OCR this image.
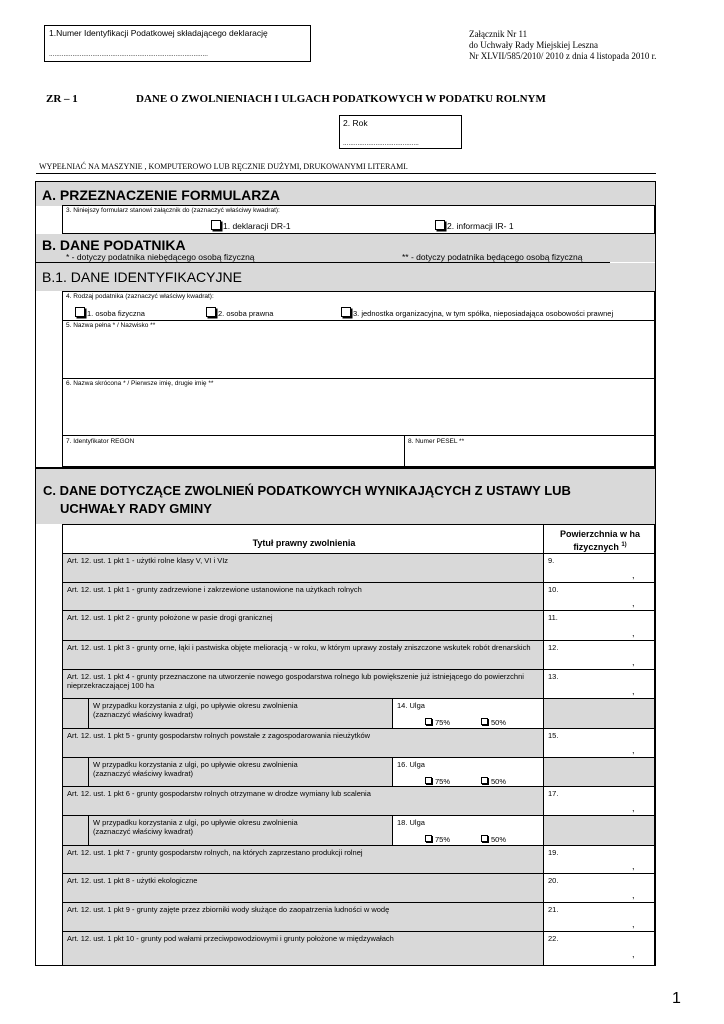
1.Numer Identyfikacji Podatkowej składającego deklarację
........................................................................................
Załącznik Nr 11
do Uchwały Rady Miejskiej Leszna
Nr XLVII/585/2010/ 2010 z dnia 4 listopada 2010 r.
ZR – 1	DANE O ZWOLNIENIACH I ULGACH PODATKOWYCH W PODATKU ROLNYM
2. Rok
..........................................
WYPEŁNIAĆ NA MASZYNIE , KOMPUTEROWO LUB RĘCZNIE DUŻYMI, DRUKOWANYMI LITERAMI.
A. PRZEZNACZENIE FORMULARZA
3. Niniejszy formularz stanowi załącznik do (zaznaczyć właściwy kwadrat):
1. deklaracji DR-1	2. informacji IR- 1
B. DANE PODATNIKA
* - dotyczy podatnika niebędącego osobą fizyczną	** - dotyczy podatnika będącego osobą fizyczną
B.1. DANE IDENTYFIKACYJNE
4. Rodzaj podatnika (zaznaczyć właściwy kwadrat):
1. osoba fizyczna	2. osoba prawna	3. jednostka organizacyjna, w tym spółka, nieposiadająca osobowości prawnej
5. Nazwa pełna * / Nazwisko **
6. Nazwa skrócona * / Pierwsze imię, drugie imię **
7. Identyfikator REGON	8. Numer PESEL **
C. DANE DOTYCZĄCE ZWOLNIEŃ PODATKOWYCH WYNIKAJĄCYCH Z USTAWY LUB
UCHWAŁY RADY GMINY
Tytuł prawny zwolnienia
Powierzchnia w ha
fizycznych $^{1)}$
Art. 12. ust. 1 pkt 1 - użytki rolne klasy V, VI i VIz	9.
,
Art. 12. ust. 1 pkt 1 - grunty zadrzewione i zakrzewione ustanowione na użytkach rolnych	10.
,
Art. 12. ust. 1 pkt 2 - grunty położone w pasie drogi granicznej	11.
,
Art. 12. ust. 1 pkt 3 - grunty orne, łąki i pastwiska objęte melioracją - w roku, w którym uprawy zostały zniszczone wskutek robót drenarskich	12.
,
Art. 12. ust. 1 pkt 4 - grunty przeznaczone na utworzenie nowego gospodarstwa rolnego lub powiększenie już istniejącego do powierzchni nieprzekraczającej 100 ha
13.
,
W przypadku korzystania z ulgi, po upływie okresu zwolnienia
(zaznaczyć właściwy kwadrat)
14. Ulga
75%	50%
Art. 12. ust. 1 pkt 5 - grunty gospodarstw rolnych powstałe z zagospodarowania nieużytków	15.
,
W przypadku korzystania z ulgi, po upływie okresu zwolnienia
(zaznaczyć właściwy kwadrat)
16. Ulga
75%	50%
Art. 12. ust. 1 pkt 6 - grunty gospodarstw rolnych otrzymane w drodze wymiany lub scalenia	17.
,
W przypadku korzystania z ulgi, po upływie okresu zwolnienia
(zaznaczyć właściwy kwadrat)
18. Ulga
75%	50%
Art. 12. ust. 1 pkt 7 - grunty gospodarstw rolnych, na których zaprzestano produkcji rolnej	19.
,
Art. 12. ust. 1 pkt 8 - użytki ekologiczne	20.
,
Art. 12. ust. 1 pkt 9 - grunty zajęte przez zbiorniki wody służące do zaopatrzenia ludności w wodę	21.
,
Art. 12. ust. 1 pkt 10 - grunty pod wałami przeciwpowodziowymi i grunty położone w międzywałach	22.
,
1
